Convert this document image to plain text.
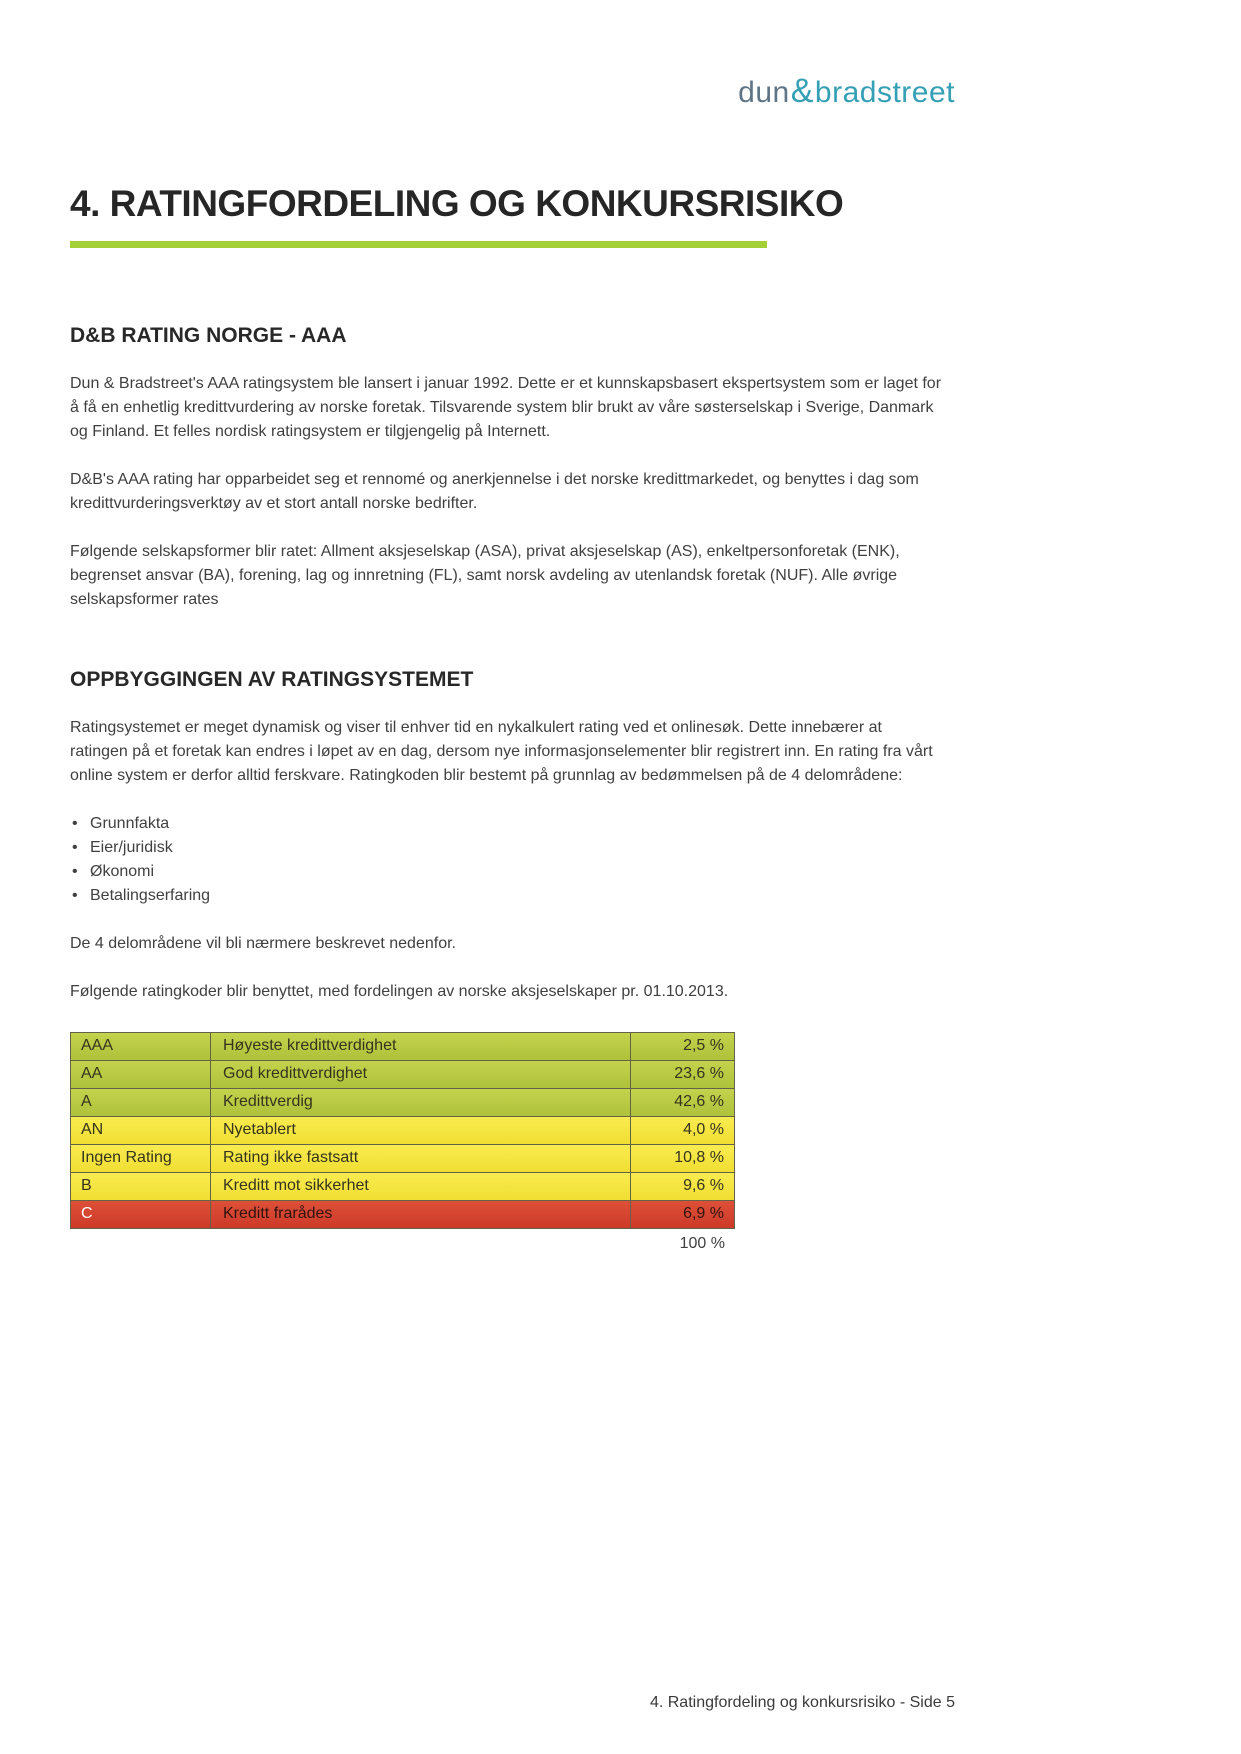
dun&bradstreet
4. RATINGFORDELING OG KONKURSRISIKO
D&B RATING NORGE - AAA

Dun & Bradstreet's AAA ratingsystem ble lansert i januar 1992. Dette er et kunnskapsbasert ekspertsystem som er laget for å få en enhetlig kredittvurdering av norske foretak. Tilsvarende system blir brukt av våre søsterselskap i Sverige, Danmark og Finland. Et felles nordisk ratingsystem er tilgjengelig på Internett.

D&B's AAA rating har opparbeidet seg et rennomé og anerkjennelse i det norske kredittmarkedet, og benyttes i dag som kredittvurderingsverktøy av et stort antall norske bedrifter.

Følgende selskapsformer blir ratet: Allment aksjeselskap (ASA), privat aksjeselskap (AS), enkeltpersonforetak (ENK), begrenset ansvar (BA), forening, lag og innretning (FL), samt norsk avdeling av utenlandsk foretak (NUF). Alle øvrige selskapsformer rates

OPPBYGGINGEN AV RATINGSYSTEMET

Ratingsystemet er meget dynamisk og viser til enhver tid en nykalkulert rating ved et onlinesøk. Dette innebærer at ratingen på et foretak kan endres i løpet av en dag, dersom nye informasjonselementer blir registrert inn. En rating fra vårt online system er derfor alltid ferskvare. Ratingkoden blir bestemt på grunnlag av bedømmelsen på de 4 delområdene:

• Grunnfakta
• Eier/juridisk
• Økonomi
• Betalingserfaring

De 4 delområdene vil bli nærmere beskrevet nedenfor.

Følgende ratingkoder blir benyttet, med fordelingen av norske aksjeselskaper pr. 01.10.2013.

AAA	Høyeste kredittverdighet	2,5 %
AA	God kredittverdighet	23,6 %
A	Kredittverdig	42,6 %
AN	Nyetablert	4,0 %
Ingen Rating	Rating ikke fastsatt	10,8 %
B	Kreditt mot sikkerhet	9,6 %
C	Kreditt frarådes	6,9 %
100 %
4. Ratingfordeling og konkursrisiko - Side 5
